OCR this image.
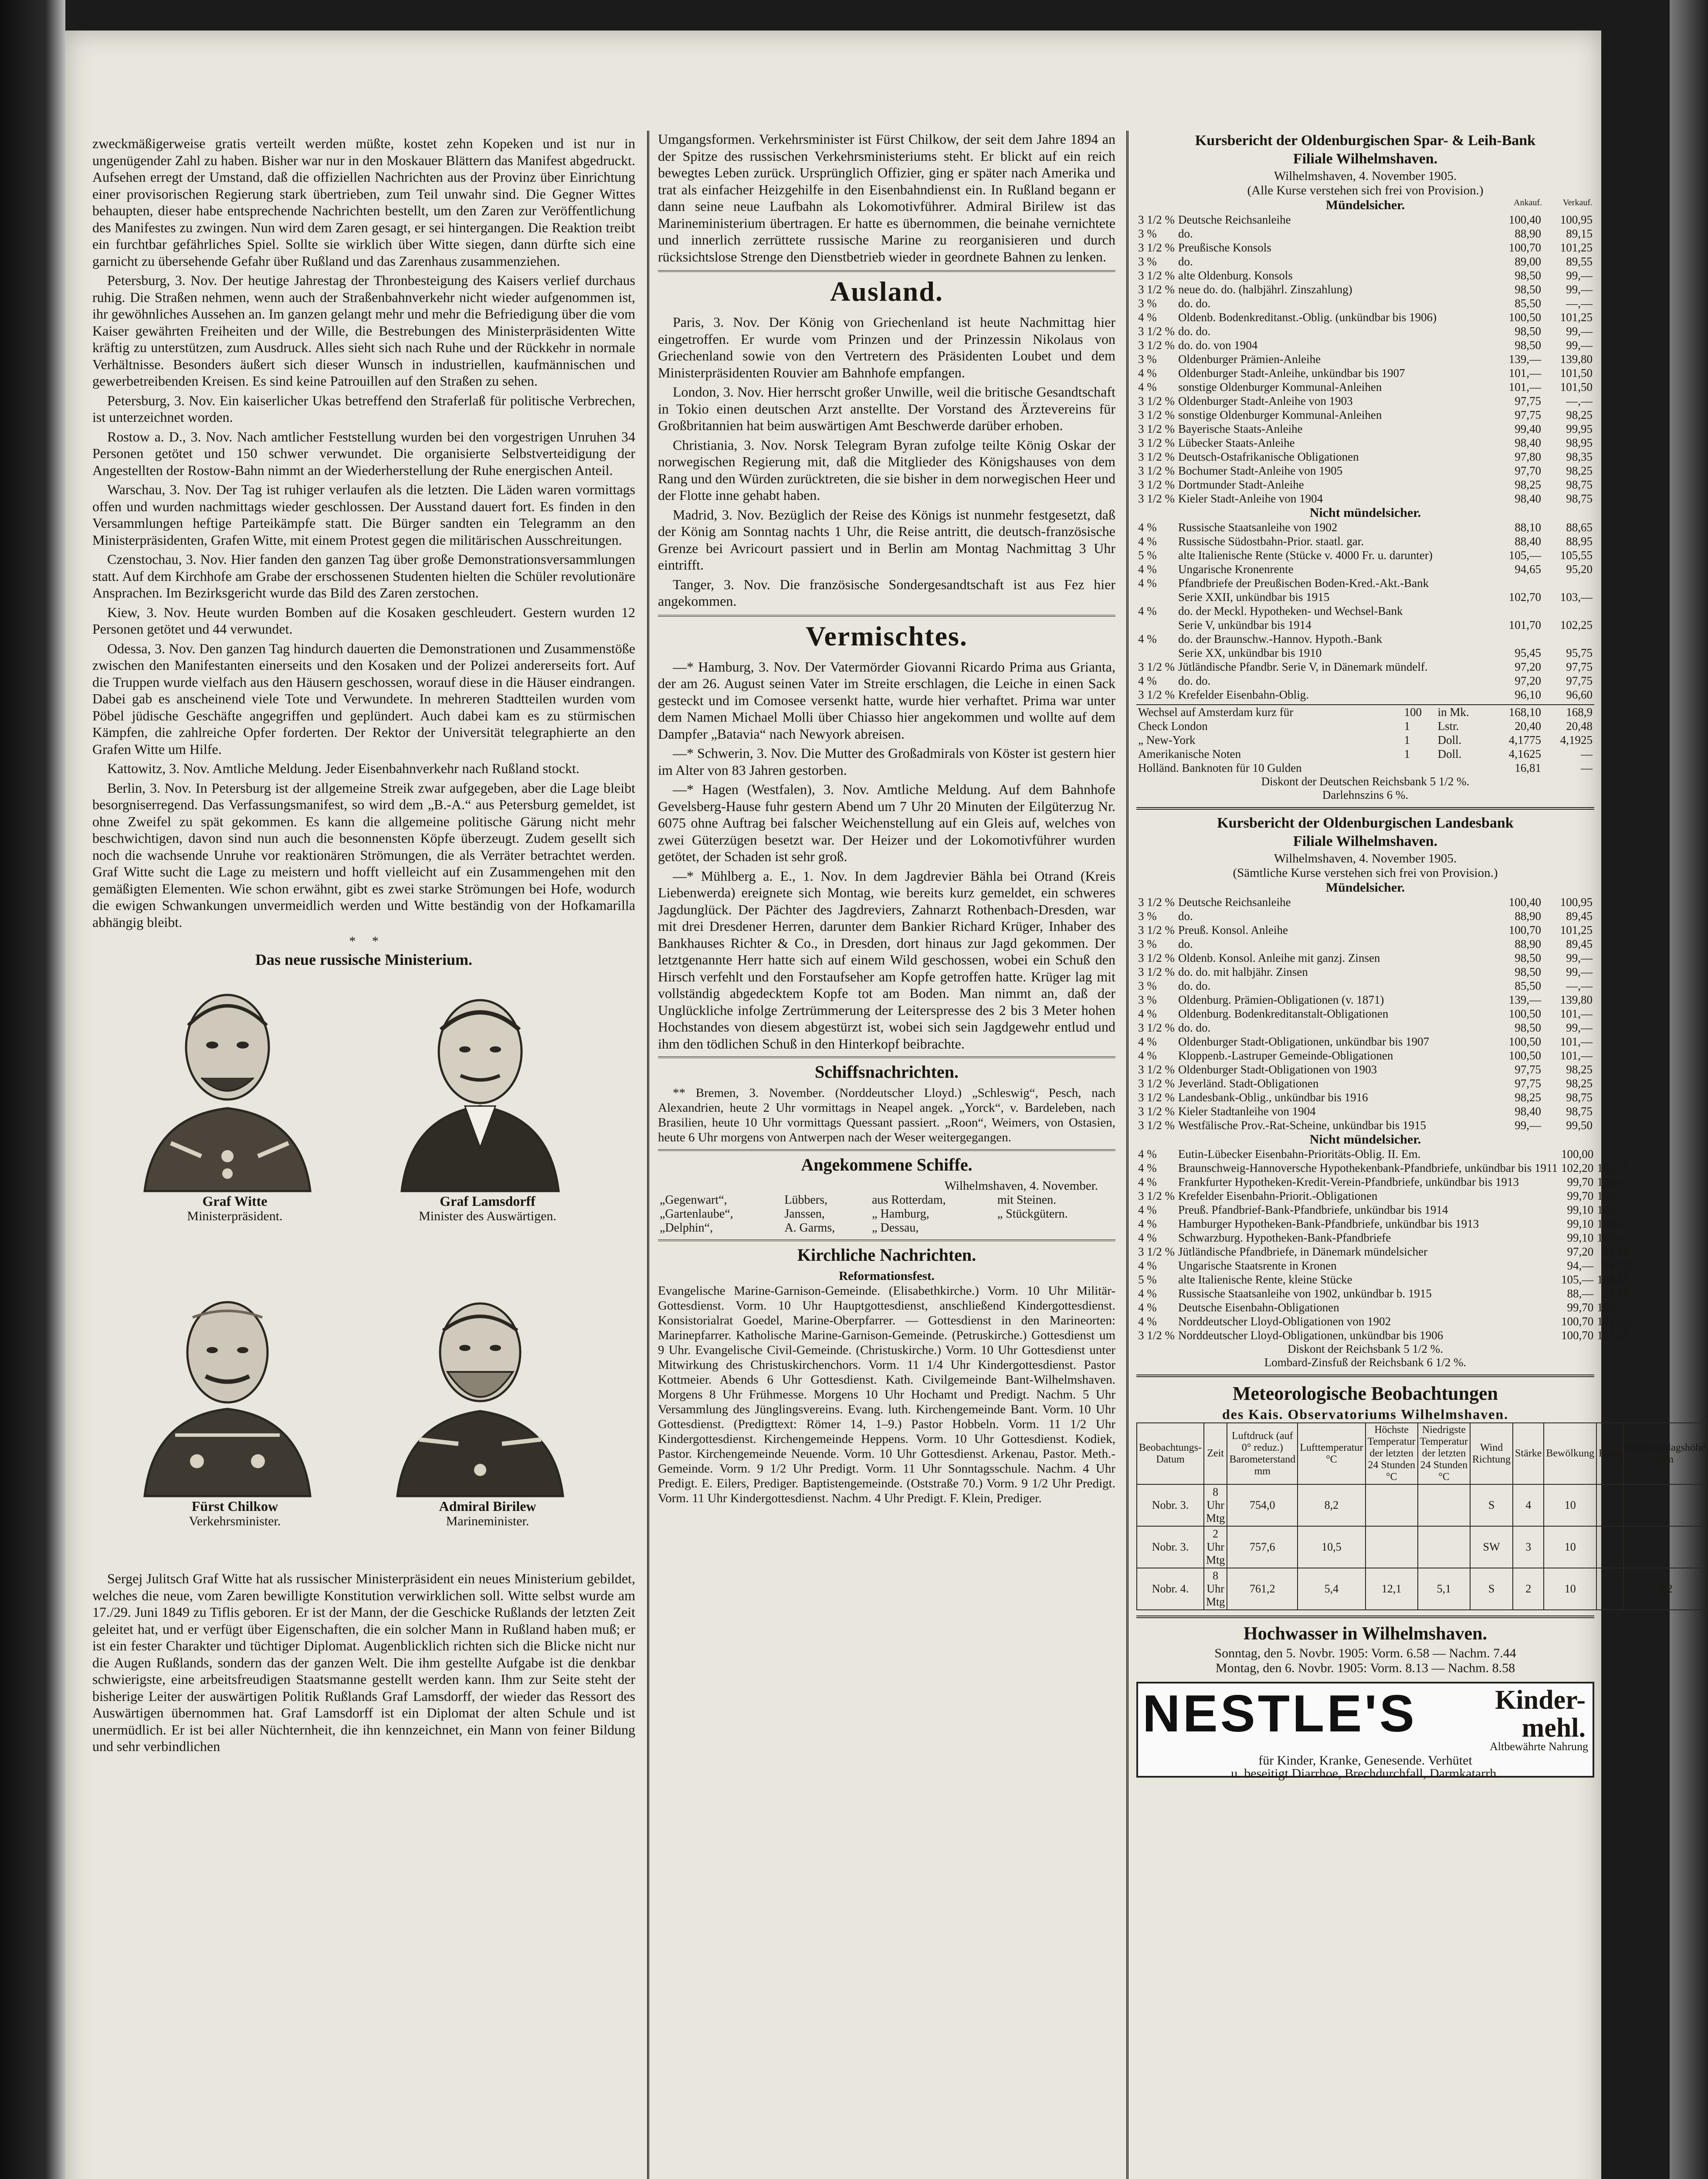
zweckmäßigerweise gratis verteilt werden müßte, kostet zehn Kopeken und ist nur in ungenügender Zahl zu haben. Bisher war nur in den Moskauer Blättern das Manifest abgedruckt. Aufsehen erregt der Umstand, daß die offiziellen Nachrichten aus der Provinz über Einrichtung einer provisorischen Regierung stark übertrieben, zum Teil unwahr sind. Die Gegner Wittes behaupten, dieser habe entsprechende Nachrichten bestellt, um den Zaren zur Veröffentlichung des Manifestes zu zwingen. Nun wird dem Zaren gesagt, er sei hintergangen. Die Reaktion treibt ein furchtbar gefährliches Spiel. Sollte sie wirklich über Witte siegen, dann dürfte sich eine garnicht zu übersehende Gefahr über Rußland und das Zarenhaus zusammenziehen.

Petersburg, 3. Nov. Der heutige Jahrestag der Thronbesteigung des Kaisers verlief durchaus ruhig. Die Straßen nehmen, wenn auch der Straßenbahnverkehr nicht wieder aufgenommen ist, ihr gewöhnliches Aussehen an. Im ganzen gelangt mehr und mehr die Befriedigung über die vom Kaiser gewährten Freiheiten und der Wille, die Bestrebungen des Ministerpräsidenten Witte kräftig zu unterstützen, zum Ausdruck. Alles sieht sich nach Ruhe und der Rückkehr in normale Verhältnisse. Besonders äußert sich dieser Wunsch in industriellen, kaufmännischen und gewerbetreibenden Kreisen. Es sind keine Patrouillen auf den Straßen zu sehen.

Petersburg, 3. Nov. Ein kaiserlicher Ukas betreffend den Straferlaß für politische Verbrechen, ist unterzeichnet worden.

Rostow a. D., 3. Nov. Nach amtlicher Feststellung wurden bei den vorgestrigen Unruhen 34 Personen getötet und 150 schwer verwundet. Die organisierte Selbstverteidigung der Angestellten der Rostow-Bahn nimmt an der Wiederherstellung der Ruhe energischen Anteil.

Warschau, 3. Nov. Der Tag ist ruhiger verlaufen als die letzten. Die Läden waren vormittags offen und wurden nachmittags wieder geschlossen. Der Ausstand dauert fort. Es finden in den Versammlungen heftige Parteikämpfe statt. Die Bürger sandten ein Telegramm an den Ministerpräsidenten, Grafen Witte, mit einem Protest gegen die militärischen Ausschreitungen.

Czenstochau, 3. Nov. Hier fanden den ganzen Tag über große Demonstrationsversammlungen statt. Auf dem Kirchhofe am Grabe der erschossenen Studenten hielten die Schüler revolutionäre Ansprachen. Im Bezirksgericht wurde das Bild des Zaren zerstochen.

Kiew, 3. Nov. Heute wurden Bomben auf die Kosaken geschleudert. Gestern wurden 12 Personen getötet und 44 verwundet.

Odessa, 3. Nov. Den ganzen Tag hindurch dauerten die Demonstrationen und Zusammenstöße zwischen den Manifestanten einerseits und den Kosaken und der Polizei andererseits fort. Auf die Truppen wurde vielfach aus den Häusern geschossen, worauf diese in die Häuser eindrangen. Dabei gab es anscheinend viele Tote und Verwundete. In mehreren Stadtteilen wurden vom Pöbel jüdische Geschäfte angegriffen und geplündert. Auch dabei kam es zu stürmischen Kämpfen, die zahlreiche Opfer forderten. Der Rektor der Universität telegraphierte an den Grafen Witte um Hilfe.

Kattowitz, 3. Nov. Amtliche Meldung. Jeder Eisenbahnverkehr nach Rußland stockt.

Berlin, 3. Nov. In Petersburg ist der allgemeine Streik zwar aufgegeben, aber die Lage bleibt besorgniserregend. Das Verfassungsmanifest, so wird dem „B.-A.“ aus Petersburg gemeldet, ist ohne Zweifel zu spät gekommen. Es kann die allgemeine politische Gärung nicht mehr beschwichtigen, davon sind nun auch die besonnensten Köpfe überzeugt. Zudem gesellt sich noch die wachsende Unruhe vor reaktionären Strömungen, die als Verräter betrachtet werden. Graf Witte sucht die Lage zu meistern und hofft vielleicht auf ein Zusammengehen mit den gemäßigten Elementen. Wie schon erwähnt, gibt es zwei starke Strömungen bei Hofe, wodurch die ewigen Schwankungen unvermeidlich werden und Witte beständig von der Hofkamarilla abhängig bleibt.

*     *
Das neue russische Ministerium.

Graf Witte

Ministerpräsident.

Graf Lamsdorff

Minister des Auswärtigen.

Fürst Chilkow

Verkehrsminister.

Admiral Birilew

Marineminister.

Sergej Julitsch Graf Witte hat als russischer Ministerpräsident ein neues Ministerium gebildet, welches die neue, vom Zaren bewilligte Konstitution verwirklichen soll. Witte selbst wurde am 17./29. Juni 1849 zu Tiflis geboren. Er ist der Mann, der die Geschicke Rußlands der letzten Zeit geleitet hat, und er verfügt über Eigenschaften, die ein solcher Mann in Rußland haben muß; er ist ein fester Charakter und tüchtiger Diplomat. Augenblicklich richten sich die Blicke nicht nur die Augen Rußlands, sondern das der ganzen Welt. Die ihm gestellte Aufgabe ist die denkbar schwierigste, eine arbeitsfreudigen Staatsmanne gestellt werden kann. Ihm zur Seite steht der bisherige Leiter der auswärtigen Politik Rußlands Graf Lamsdorff, der wieder das Ressort des Auswärtigen übernommen hat. Graf Lamsdorff ist ein Diplomat der alten Schule und ist unermüdlich. Er ist bei aller Nüchternheit, die ihn kennzeichnet, ein Mann von feiner Bildung und sehr verbindlichen

Umgangsformen. Verkehrsminister ist Fürst Chilkow, der seit dem Jahre 1894 an der Spitze des russischen Verkehrsministeriums steht. Er blickt auf ein reich bewegtes Leben zurück. Ursprünglich Offizier, ging er später nach Amerika und trat als einfacher Heizgehilfe in den Eisenbahndienst ein. In Rußland begann er dann seine neue Laufbahn als Lokomotivführer. Admiral Birilew ist das Marineministerium übertragen. Er hatte es übernommen, die beinahe vernichtete und innerlich zerrüttete russische Marine zu reorganisieren und durch rücksichtslose Strenge den Dienstbetrieb wieder in geordnete Bahnen zu lenken.

Ausland.

Paris, 3. Nov. Der König von Griechenland ist heute Nachmittag hier eingetroffen. Er wurde vom Prinzen und der Prinzessin Nikolaus von Griechenland sowie von den Vertretern des Präsidenten Loubet und dem Ministerpräsidenten Rouvier am Bahnhofe empfangen.

London, 3. Nov. Hier herrscht großer Unwille, weil die britische Gesandtschaft in Tokio einen deutschen Arzt anstellte. Der Vorstand des Ärztevereins für Großbritannien hat beim auswärtigen Amt Beschwerde darüber erhoben.

Christiania, 3. Nov. Norsk Telegram Byran zufolge teilte König Oskar der norwegischen Regierung mit, daß die Mitglieder des Königshauses von dem Rang und den Würden zurücktreten, die sie bisher in dem norwegischen Heer und der Flotte inne gehabt haben.

Madrid, 3. Nov. Bezüglich der Reise des Königs ist nunmehr festgesetzt, daß der König am Sonntag nachts 1 Uhr, die Reise antritt, die deutsch-französische Grenze bei Avricourt passiert und in Berlin am Montag Nachmittag 3 Uhr eintrifft.

Tanger, 3. Nov. Die französische Sondergesandtschaft ist aus Fez hier angekommen.

Vermischtes.

—* Hamburg, 3. Nov. Der Vatermörder Giovanni Ricardo Prima aus Grianta, der am 26. August seinen Vater im Streite erschlagen, die Leiche in einen Sack gesteckt und im Comosee versenkt hatte, wurde hier verhaftet. Prima war unter dem Namen Michael Molli über Chiasso hier angekommen und wollte auf dem Dampfer „Batavia“ nach Newyork abreisen.

—* Schwerin, 3. Nov. Die Mutter des Großadmirals von Köster ist gestern hier im Alter von 83 Jahren gestorben.

—* Hagen (Westfalen), 3. Nov. Amtliche Meldung. Auf dem Bahnhofe Gevelsberg-Hause fuhr gestern Abend um 7 Uhr 20 Minuten der Eilgüterzug Nr. 6075 ohne Auftrag bei falscher Weichenstellung auf ein Gleis auf, welches von zwei Güterzügen besetzt war. Der Heizer und der Lokomotivführer wurden getötet, der Schaden ist sehr groß.

—* Mühlberg a. E., 1. Nov. In dem Jagdrevier Bähla bei Otrand (Kreis Liebenwerda) ereignete sich Montag, wie bereits kurz gemeldet, ein schweres Jagdunglück. Der Pächter des Jagdreviers, Zahnarzt Rothenbach-Dresden, war mit drei Dresdener Herren, darunter dem Bankier Richard Krüger, Inhaber des Bankhauses Richter & Co., in Dresden, dort hinaus zur Jagd gekommen. Der letztgenannte Herr hatte sich auf einem Wild geschossen, wobei ein Schuß den Hirsch verfehlt und den Forstaufseher am Kopfe getroffen hatte. Krüger lag mit vollständig abgedecktem Kopfe tot am Boden. Man nimmt an, daß der Unglückliche infolge Zertrümmerung der Leiterspresse des 2 bis 3 Meter hohen Hochstandes von diesem abgestürzt ist, wobei sich sein Jagdgewehr entlud und ihm den tödlichen Schuß in den Hinterkopf beibrachte.

Schiffsnachrichten.

** Bremen, 3. November. (Norddeutscher Lloyd.) „Schleswig“, Pesch, nach Alexandrien, heute 2 Uhr vormittags in Neapel angek. „Yorck“, v. Bardeleben, nach Brasilien, heute 10 Uhr vormittags Quessant passiert. „Roon“, Weimers, von Ostasien, heute 6 Uhr morgens von Antwerpen nach der Weser weitergegangen.

Angekommene Schiffe.
Wilhelmshaven, 4. November.
„Gegenwart“,	Lübbers,	aus Rotterdam,	mit Steinen.
„Gartenlaube“,	Janssen,	„ Hamburg,	„ Stückgütern.
„Delphin“,	A. Garms,	„ Dessau,	
Kirchliche Nachrichten.
Reformationsfest.

Evangelische Marine-Garnison-Gemeinde. (Elisabethkirche.) Vorm. 10 Uhr Militär-Gottesdienst. Vorm. 10 Uhr Hauptgottesdienst, anschließend Kindergottesdienst. Konsistorialrat Goedel, Marine-Oberpfarrer. — Gottesdienst in den Marineorten: Marinepfarrer. Katholische Marine-Garnison-Gemeinde. (Petruskirche.) Gottesdienst um 9 Uhr. Evangelische Civil-Gemeinde. (Christuskirche.) Vorm. 10 Uhr Gottesdienst unter Mitwirkung des Christuskirchenchors. Vorm. 11 1/4 Uhr Kindergottesdienst. Pastor Kottmeier. Abends 6 Uhr Gottesdienst. Kath. Civilgemeinde Bant-Wilhelmshaven. Morgens 8 Uhr Frühmesse. Morgens 10 Uhr Hochamt und Predigt. Nachm. 5 Uhr Versammlung des Jünglingsvereins. Evang. luth. Kirchengemeinde Bant. Vorm. 10 Uhr Gottesdienst. (Predigttext: Römer 14, 1–9.) Pastor Hobbeln. Vorm. 11 1/2 Uhr Kindergottesdienst. Kirchengemeinde Heppens. Vorm. 10 Uhr Gottesdienst. Kodiek, Pastor. Kirchengemeinde Neuende. Vorm. 10 Uhr Gottesdienst. Arkenau, Pastor. Meth.-Gemeinde. Vorm. 9 1/2 Uhr Predigt. Vorm. 11 Uhr Sonntagsschule. Nachm. 4 Uhr Predigt. E. Eilers, Prediger. Baptistengemeinde. (Oststraße 70.) Vorm. 9 1/2 Uhr Predigt. Vorm. 11 Uhr Kindergottesdienst. Nachm. 4 Uhr Predigt. F. Klein, Prediger.

Kursbericht der Oldenburgischen Spar- & Leih-Bank
Filiale Wilhelmshaven.
Wilhelmshaven, 4. November 1905.
(Alle Kurse verstehen sich frei von Provision.)
Mündelsicher.	Ankauf. Verkauf.
3 1/2 %	Deutsche Reichsanleihe	100,40	100,95
3 %	do.	88,90	89,15
3 1/2 %	Preußische Konsols	100,70	101,25
3 %	do.	89,00	89,55
3 1/2 %	alte Oldenburg. Konsols	98,50	99,—
3 1/2 %	neue do. do. (halbjährl. Zinszahlung)	98,50	99,—
3 %	do. do.	85,50	—,—
4 %	Oldenb. Bodenkreditanst.-Oblig. (unkündbar bis 1906)	100,50	101,25
3 1/2 %	do. do.	98,50	99,—
3 1/2 %	do. do. von 1904	98,50	99,—
3 %	Oldenburger Prämien-Anleihe	139,—	139,80
4 %	Oldenburger Stadt-Anleihe, unkündbar bis 1907	101,—	101,50
4 %	sonstige Oldenburger Kommunal-Anleihen	101,—	101,50
3 1/2 %	Oldenburger Stadt-Anleihe von 1903	97,75	—,—
3 1/2 %	sonstige Oldenburger Kommunal-Anleihen	97,75	98,25
3 1/2 %	Bayerische Staats-Anleihe	99,40	99,95
3 1/2 %	Lübecker Staats-Anleihe	98,40	98,95
3 1/2 %	Deutsch-Ostafrikanische Obligationen	97,80	98,35
3 1/2 %	Bochumer Stadt-Anleihe von 1905	97,70	98,25
3 1/2 %	Dortmunder Stadt-Anleihe	98,25	98,75
3 1/2 %	Kieler Stadt-Anleihe von 1904	98,40	98,75
Nicht mündelsicher.
4 %	Russische Staatsanleihe von 1902	88,10	88,65
4 %	Russische Südostbahn-Prior. staatl. gar.	88,40	88,95
5 %	alte Italienische Rente (Stücke v. 4000 Fr. u. darunter)	105,—	105,55
4 %	Ungarische Kronenrente	94,65	95,20
4 %	Pfandbriefe der Preußischen Boden-Kred.-Akt.-Bank		
	Serie XXII, unkündbar bis 1915	102,70	103,—
4 %	do. der Meckl. Hypotheken- und Wechsel-Bank		
	Serie V, unkündbar bis 1914	101,70	102,25
4 %	do. der Braunschw.-Hannov. Hypoth.-Bank		
	Serie XX, unkündbar bis 1910	95,45	95,75
3 1/2 %	Jütländische Pfandbr. Serie V, in Dänemark mündelf.	97,20	97,75
4 %	do. do.	97,20	97,75
3 1/2 %	Krefelder Eisenbahn-Oblig.	96,10	96,60
Wechsel auf Amsterdam kurz für	100	in Mk.	168,10	168,9
Check London	1	Lstr.	20,40	20,48
„ New-York	1	Doll.	4,1775	4,1925
Amerikanische Noten	1	Doll.	4,1625	—
Holländ. Banknoten für 10 Gulden			16,81	—
Diskont der Deutschen Reichsbank 5 1/2 %.
Darlehnszins 6 %.
Kursbericht der Oldenburgischen Landesbank
Filiale Wilhelmshaven.
Wilhelmshaven, 4. November 1905.
(Sämtliche Kurse verstehen sich frei von Provision.)
Mündelsicher.
3 1/2 %	Deutsche Reichsanleihe	100,40	100,95
3 %	do.	88,90	89,45
3 1/2 %	Preuß. Konsol. Anleihe	100,70	101,25
3 %	do.	88,90	89,45
3 1/2 %	Oldenb. Konsol. Anleihe mit ganzj. Zinsen	98,50	99,—
3 1/2 %	do. do. mit halbjähr. Zinsen	98,50	99,—
3 %	do. do.	85,50	—,—
3 %	Oldenburg. Prämien-Obligationen (v. 1871)	139,—	139,80
4 %	Oldenburg. Bodenkreditanstalt-Obligationen	100,50	101,—
3 1/2 %	do. do.	98,50	99,—
4 %	Oldenburger Stadt-Obligationen, unkündbar bis 1907	100,50	101,—
4 %	Kloppenb.-Lastruper Gemeinde-Obligationen	100,50	101,—
3 1/2 %	Oldenburger Stadt-Obligationen von 1903	97,75	98,25
3 1/2 %	Jeverländ. Stadt-Obligationen	97,75	98,25
3 1/2 %	Landesbank-Oblig., unkündbar bis 1916	98,25	98,75
3 1/2 %	Kieler Stadtanleihe von 1904	98,40	98,75
3 1/2 %	Westfälische Prov.-Rat-Scheine, unkündbar bis 1915	99,—	99,50
Nicht mündelsicher.
4 %	Eutin-Lübecker Eisenbahn-Prioritäts-Oblig. II. Em.	100,00	—,—
4 %	Braunschweig-Hannoversche Hypothekenbank-Pfandbriefe, unkündbar bis 1911	102,20	102,75
4 %	Frankfurter Hypotheken-Kredit-Verein-Pfandbriefe, unkündbar bis 1913	99,70	100,—
3 1/2 %	Krefelder Eisenbahn-Priorit.-Obligationen	99,70	100,—
4 %	Preuß. Pfandbrief-Bank-Pfandbriefe, unkündbar bis 1914	99,10	100,—
4 %	Hamburger Hypotheken-Bank-Pfandbriefe, unkündbar bis 1913	99,10	100,—
4 %	Schwarzburg. Hypotheken-Bank-Pfandbriefe	99,10	100,—
3 1/2 %	Jütländische Pfandbriefe, in Dänemark mündelsicher	97,20	97,75
4 %	Ungarische Staatsrente in Kronen	94,—	94,75
5 %	alte Italienische Rente, kleine Stücke	105,—	105,55
4 %	Russische Staatsanleihe von 1902, unkündbar b. 1915	88,—	88,70
4 %	Deutsche Eisenbahn-Obligationen	99,70	100,—
4 %	Norddeutscher Lloyd-Obligationen von 1902	100,70	101,25
3 1/2 %	Norddeutscher Lloyd-Obligationen, unkündbar bis 1906	100,70	101,25
Diskont der Reichsbank 5 1/2 %.
Lombard-Zinsfuß der Reichsbank 6 1/2 %.
Meteorologische Beobachtungen
des Kais. Observatoriums Wilhelmshaven.
Beobachtungs-Datum	Zeit	Luftdruck (auf 0° reduz.) Barometerstand mm	Lufttemperatur °C	Höchste Temperatur der letzten 24 Stunden °C	Niedrigste Temperatur der letzten 24 Stunden °C	Wind Richtung	Stärke	Bewölkung	Form	Niederschlagshöhe mm
Nobr. 3.	8 Uhr Mtg	754,0	8,2			S	4	10		
Nobr. 3.	2 Uhr Mtg	757,6	10,5			SW	3	10		
Nobr. 4.	8 Uhr Mtg	761,2	5,4	12,1	5,1	S	2	10		3,2
Hochwasser in Wilhelmshaven.
Sonntag, den 5. Novbr. 1905: Vorm. 6.58 — Nachm. 7.44
Montag, den 6. Novbr. 1905: Vorm. 8.13 — Nachm. 8.58
NESTLE'S	Kinder-
mehl.
Altbewährte Nahrung
für Kinder, Kranke, Genesende. Verhütet
u. beseitigt Diarrhoe, Brechdurchfall, Darmkatarrh.
